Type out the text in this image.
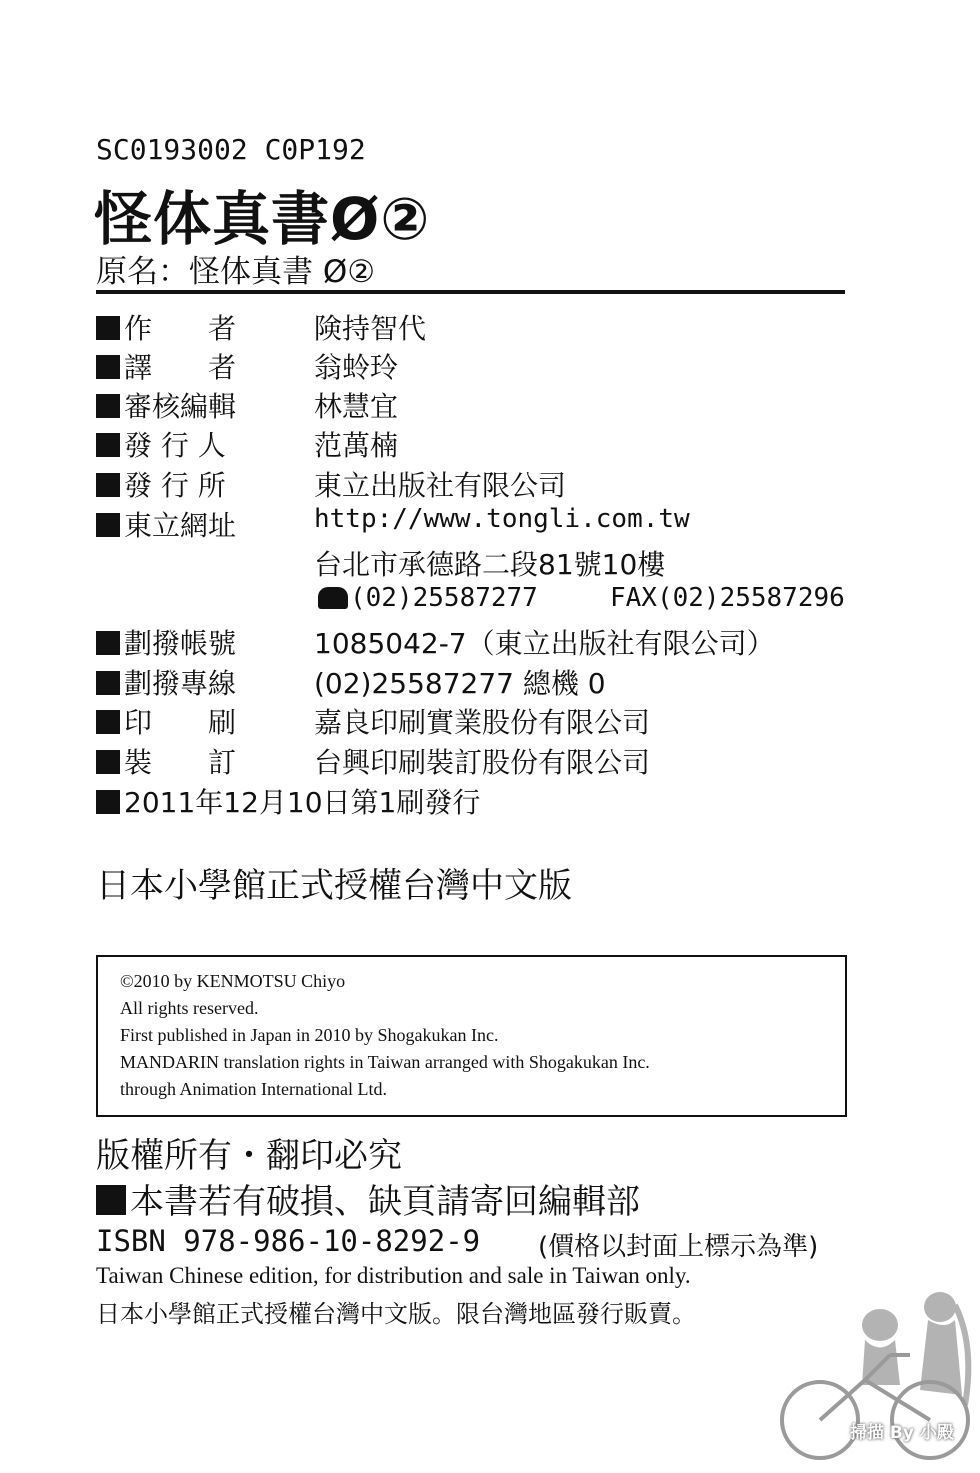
SC0193002 C0P192
怪体真書Ø②
原名：怪体真書 Ø②
作　　者	険持智代
譯　　者	翁蛉玲
審核編輯	林慧宜
發 行 人	范萬楠
發 行 所	東立出版社有限公司
東立網址	http://www.tongli.com.tw
台北市承德路二段81號10樓
(02)25587277	FAX(02)25587296
劃撥帳號	1085042-7（東立出版社有限公司）
劃撥專線	(02)25587277 總機 0
印　　刷	嘉良印刷實業股份有限公司
裝　　訂	台興印刷裝訂股份有限公司
2011年12月10日第1刷發行
日本小學館正式授權台灣中文版
©2010 by KENMOTSU Chiyo
All rights reserved.
First published in Japan in 2010 by Shogakukan Inc.
MANDARIN translation rights in Taiwan arranged with Shogakukan Inc.
through Animation International Ltd.
版權所有・翻印必究
本書若有破損、缺頁請寄回編輯部
ISBN 978-986-10-8292-9 (價格以封面上標示為準)
Taiwan Chinese edition, for distribution and sale in Taiwan only.
日本小學館正式授權台灣中文版。限台灣地區發行販賣。
掃描 By 小殿
